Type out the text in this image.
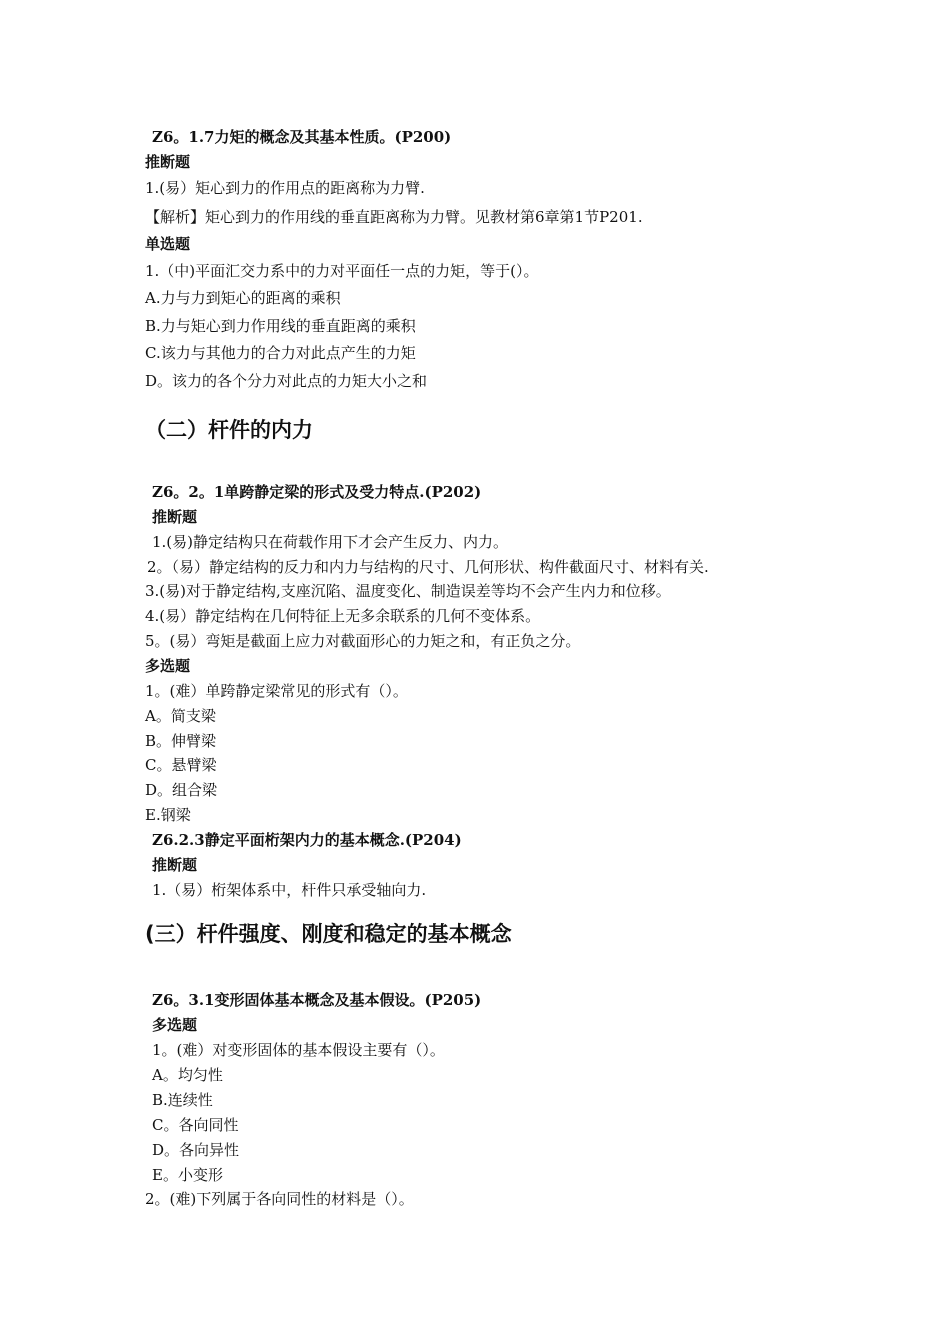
Z6。1.7力矩的概念及其基本性质。(P200)
推断题
1.(易）矩心到力的作用点的距离称为力臂.
【解析】矩心到力的作用线的垂直距离称为力臂。见教材第6章第1节P201.
单选题
1.（中)平面汇交力系中的力对平面任一点的力矩，等于(）。
A.力与力到矩心的距离的乘积
B.力与矩心到力作用线的垂直距离的乘积
C.该力与其他力的合力对此点产生的力矩
D。该力的各个分力对此点的力矩大小之和
（二）杆件的内力
Z6。2。1单跨静定梁的形式及受力特点.(P202)
推断题
1.(易)静定结构只在荷载作用下才会产生反力、内力。
2。（易）静定结构的反力和内力与结构的尺寸、几何形状、构件截面尺寸、材料有关.
3.(易)对于静定结构,支座沉陷、温度变化、制造误差等均不会产生内力和位移。
4.(易）静定结构在几何特征上无多余联系的几何不变体系。
5。(易）弯矩是截面上应力对截面形心的力矩之和，有正负之分。
多选题
1。(难）单跨静定梁常见的形式有（）。
A。简支梁
B。伸臂梁
C。悬臂梁
D。组合梁
E.钢梁
Z6.2.3静定平面桁架内力的基本概念.(P204)
推断题
1.（易）桁架体系中，杆件只承受轴向力.
(三）杆件强度、刚度和稳定的基本概念
Z6。3.1变形固体基本概念及基本假设。(P205)
多选题
1。(难）对变形固体的基本假设主要有（）。
A。均匀性
B.连续性
C。各向同性
D。各向异性
E。小变形
2。(难)下列属于各向同性的材料是（）。
